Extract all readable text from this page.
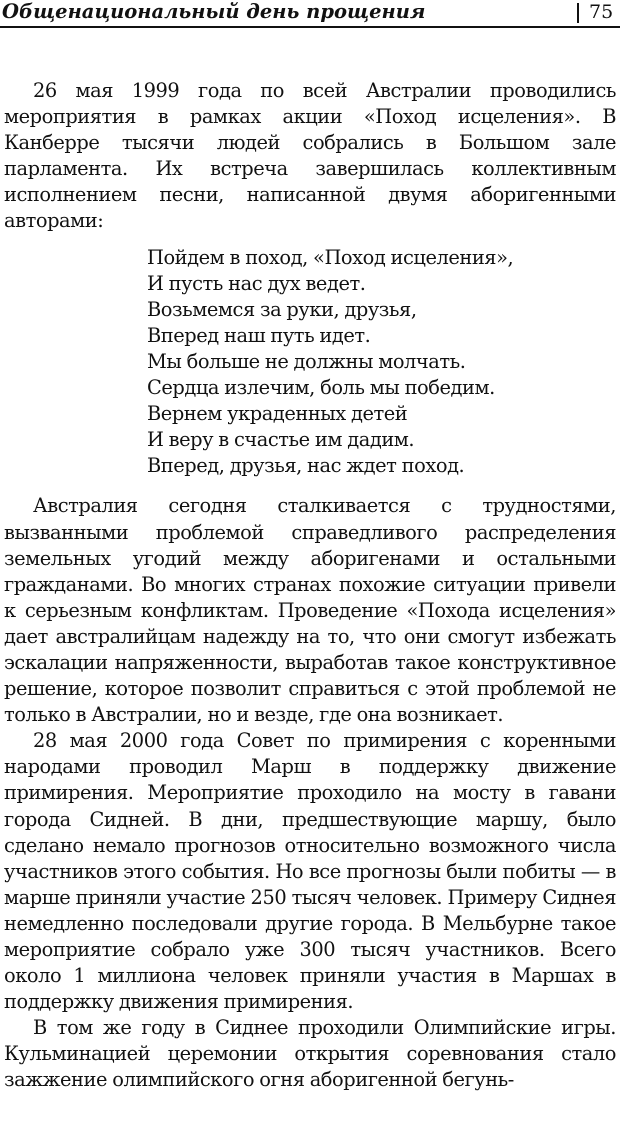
Общенациональный день прощения	75

26 мая 1999 года по всей Австралии проводились мероприятия в рамках акции «Поход исцеления». В Канберре тысячи людей собрались в Большом зале парламента. Их встреча завершилась коллективным исполнением песни, написанной двумя аборигенными авторами:

Пойдем в поход, «Поход исцеления»,
И пусть нас дух ведет.
Возьмемся за руки, друзья,
Вперед наш путь идет.
Мы больше не должны молчать.
Сердца излечим, боль мы победим.
Вернем украденных детей
И веру в счастье им дадим.
Вперед, друзья, нас ждет поход.

Австралия сегодня сталкивается с трудностями, вызванными проблемой справедливого распределения земельных угодий между аборигенами и остальными гражданами. Во многих странах похожие ситуации привели к серьезным конфликтам. Проведение «Похода исцеления» дает австралийцам надежду на то, что они смогут избежать эскалации напряженности, выработав такое конструктивное решение, которое позволит справиться с этой проблемой не только в Австралии, но и везде, где она возникает.

28 мая 2000 года Совет по примирения с коренными народами проводил Марш в поддержку движение примирения. Мероприятие проходило на мосту в гавани города Сидней. В дни, предшествующие маршу, было сделано немало прогнозов относительно возможного числа участников этого события. Но все прогнозы были побиты — в марше приняли участие 250 тысяч человек. Примеру Сиднея немедленно последовали другие города. В Мельбурне такое мероприятие собрало уже 300 тысяч участников. Всего около 1 миллиона человек приняли участия в Маршах в поддержку движения примирения.

В том же году в Сиднее проходили Олимпийские игры. Кульминацией церемонии открытия соревнования стало зажжение олимпийского огня аборигенной бегунь-
